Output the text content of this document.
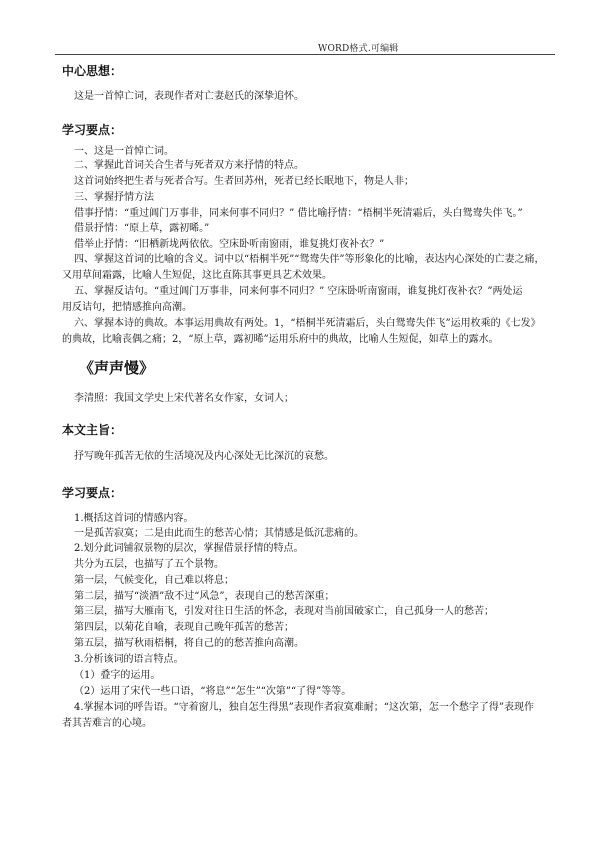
WORD格式.可编辑
中心思想：
这是一首悼亡词，表现作者对亡妻赵氏的深挚追怀。
学习要点：
一、这是一首悼亡词。
二、掌握此首词关合生者与死者双方来抒情的特点。
这首词始终把生者与死者合写。生者回苏州，死者已经长眠地下，物是人非；
三、掌握抒情方法
借事抒情：“重过阊门万事非，同来何事不同归？” 借比喻抒情：“梧桐半死清霜后，头白鸳鸯失伴飞。”
借景抒情：“原上草，露初晞。”
借举止抒情：“旧栖新垅两依依。空床卧听南窗雨，谁复挑灯夜补衣？”
四、掌握这首词的比喻的含义。词中以“梧桐半死”“鸳鸯失伴”等形象化的比喻，表达内心深处的亡妻之痛，
又用草间霜露，比喻人生短促，这比直陈其事更具艺术效果。
五、掌握反诘句。“重过阊门万事非，同来何事不同归？” 空床卧听南窗雨，谁复挑灯夜补衣？”两处运
用反诘句，把情感推向高潮。
六、掌握本诗的典故。本事运用典故有两处。1，“梧桐半死清霜后，头白鸳鸯失伴飞”运用枚乘的《七发》
的典故，比喻丧偶之痛；2，“原上草，露初晞”运用乐府中的典故，比喻人生短促，如草上的露水。
《声声慢》
李清照：我国文学史上宋代著名女作家，女词人；
本文主旨：
抒写晚年孤苦无依的生活境况及内心深处无比深沉的哀愁。
学习要点：
1.概括这首词的情感内容。
一是孤苦寂寞；二是由此而生的愁苦心情；其情感是低沉悲痛的。
2.划分此词铺叙景物的层次，掌握借景抒情的特点。
共分为五层，也描写了五个景物。
第一层，气候变化，自己难以将息；
第二层，描写“淡酒”敌不过“风急”，表现自己的愁苦深重；
第三层，描写大雁南飞，引发对往日生活的怀念，表现对当前国破家亡，自己孤身一人的愁苦；
第四层，以菊花自喻，表现自己晚年孤苦的愁苦；
第五层，描写秋雨梧桐，将自己的的愁苦推向高潮。
3.分析该词的语言特点。
（1）叠字的运用。
（2）运用了宋代一些口语，“将息”“怎生”“次第”“了得”等等。
4.掌握本词的呼告语。“守着窗儿，独自怎生得黑”表现作者寂寞难耐；“这次第，怎一个愁字了得”表现作
者其苦难言的心境。
